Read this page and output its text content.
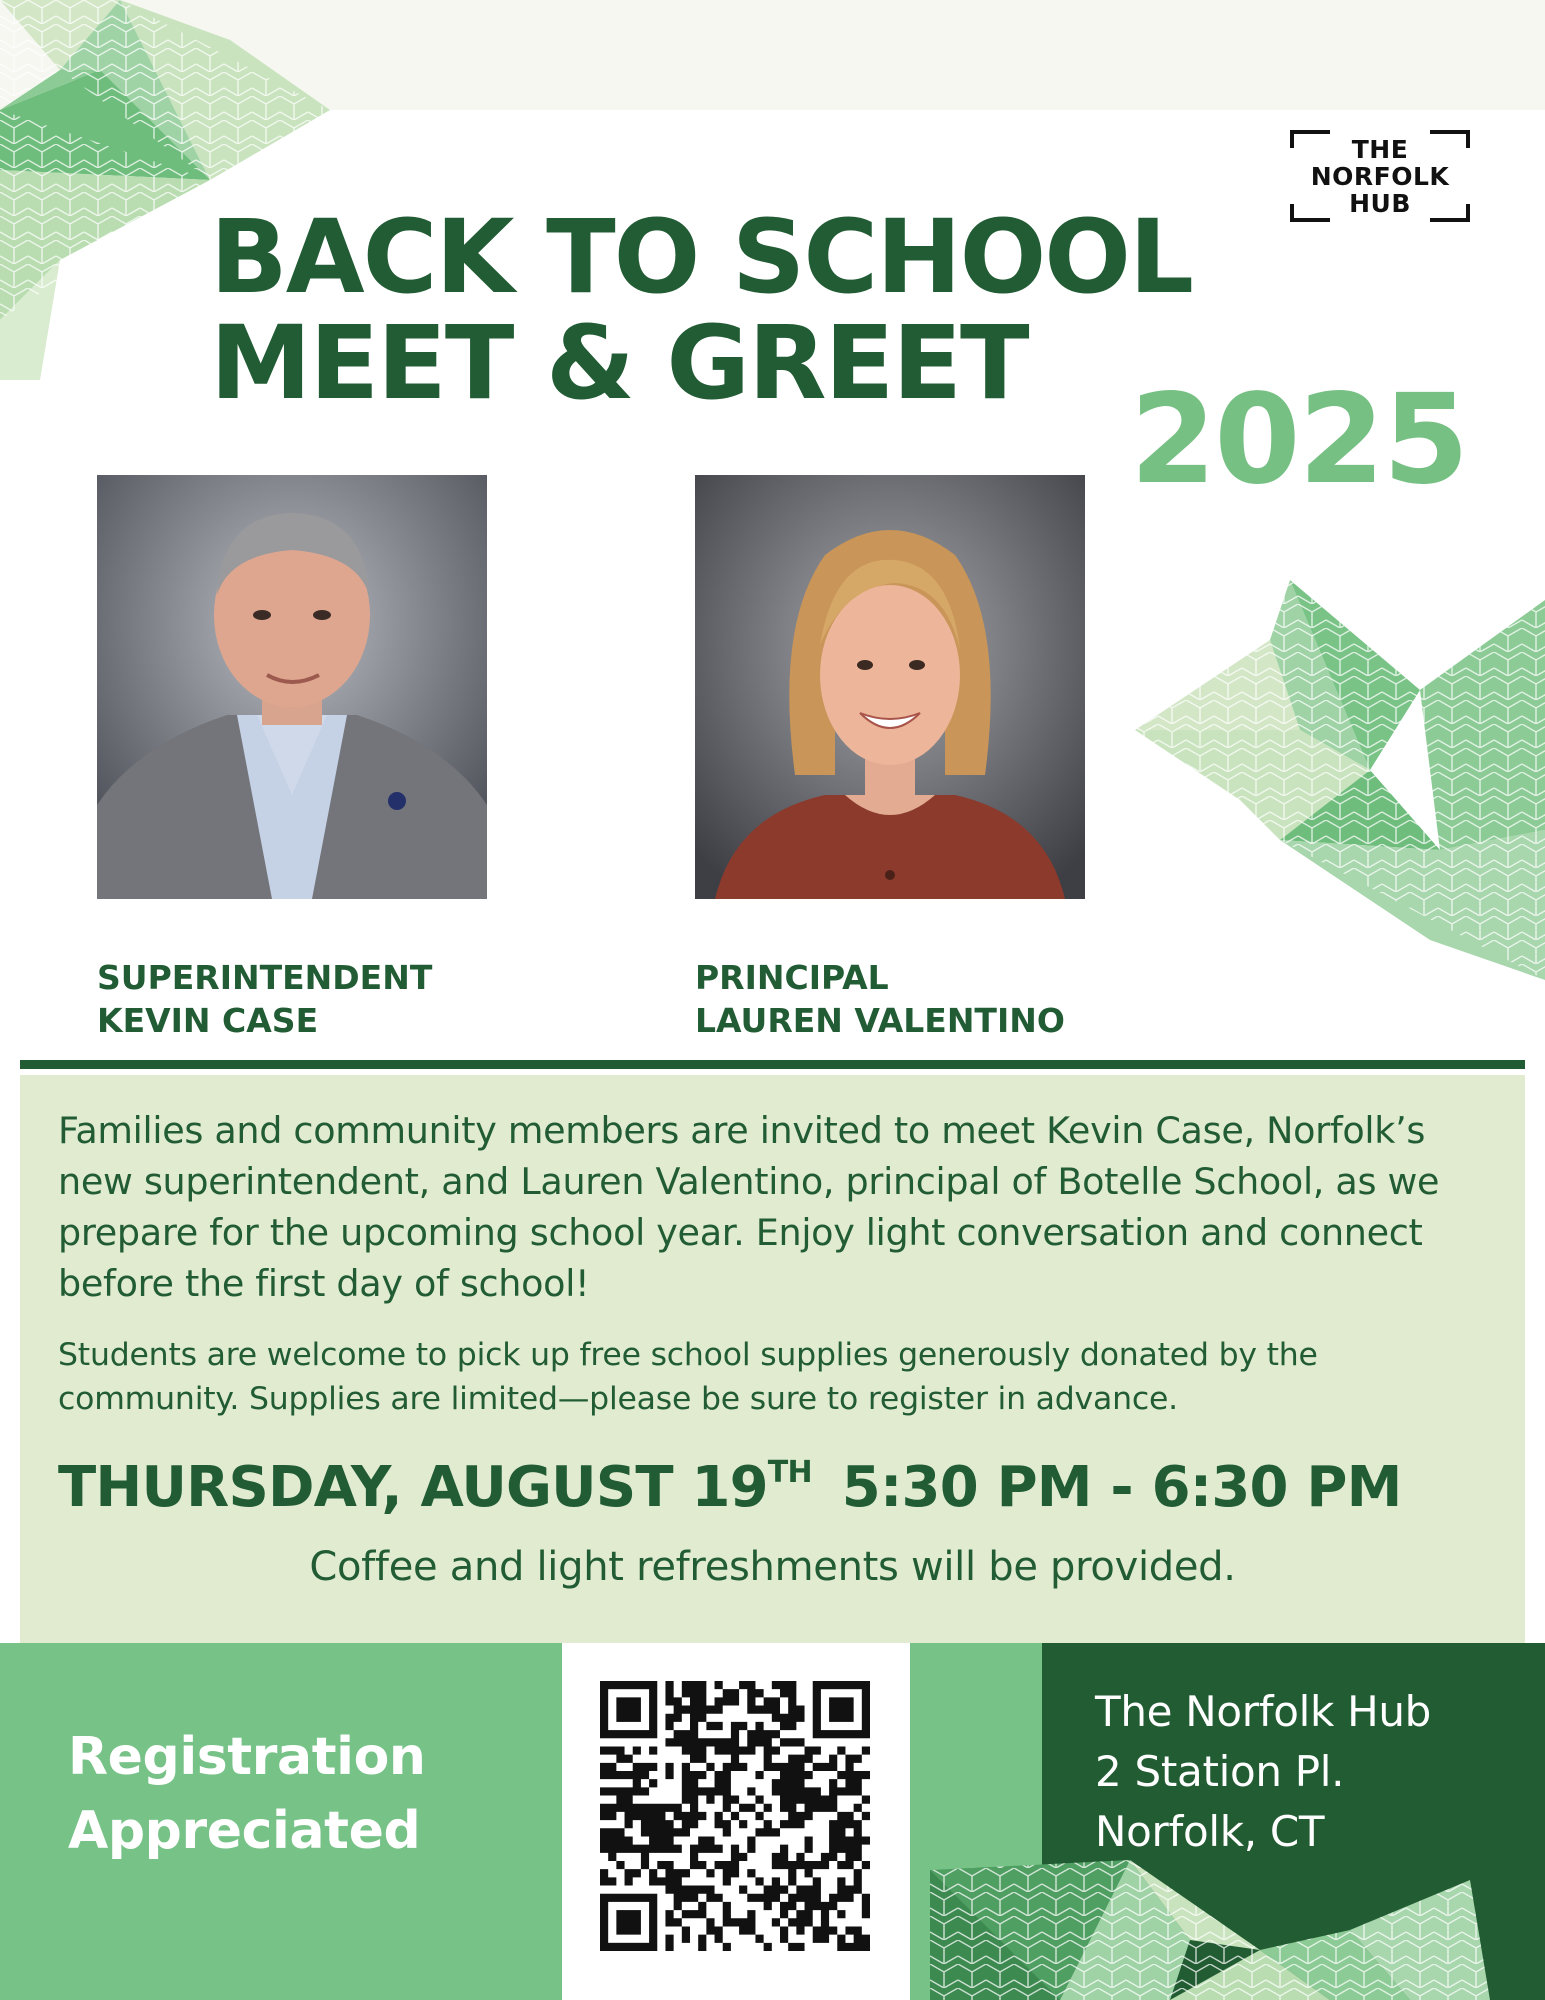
THE
NORFOLK
HUB
BACK TO SCHOOL
MEET & GREET
2025
SUPERINTENDENT
KEVIN CASE
PRINCIPAL
LAUREN VALENTINO

Families and community members are invited to meet Kevin Case, Norfolk’s new superintendent, and Lauren Valentino, principal of Botelle School, as we prepare for the upcoming school year. Enjoy light conversation and connect before the first day of school!

Students are welcome to pick up free school supplies generously donated by the community. Supplies are limited—please be sure to register in advance.

THURSDAY, AUGUST 19TH 5:30 PM - 6:30 PM
Coffee and light refreshments will be provided.
Registration
Appreciated
The Norfolk Hub
2 Station Pl.
Norfolk, CT
